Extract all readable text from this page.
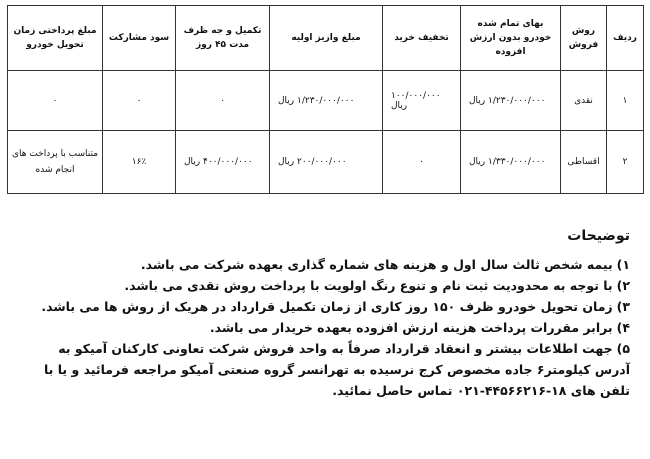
ردیف	روش فروش	بهای تمام شده خودرو بدون ارزش افزوده	تخفیف خرید	مبلغ واریز اولیه	تکمیل و جه ظرف مدت ۴۵ روز	سود مشارکت	مبلغ پرداختی زمان تحویل خودرو
۱	نقدی	۱/۲۳۰/۰۰۰/۰۰۰ ریال	۱۰۰/۰۰۰/۰۰۰ ریال	۱/۲۳۰/۰۰۰/۰۰۰ ریال	۰	۰	۰
۲	اقساطی	۱/۳۳۰/۰۰۰/۰۰۰ ریال	۰	۲۰۰/۰۰۰/۰۰۰ ریال	۴۰۰/۰۰۰/۰۰۰ ریال	۱۶٪	متناسب با پرداخت های انجام شده
توضیحات
۱)بیمه شخص ثالث سال اول و هزینه های شماره گذاری بعهده شرکت می باشد.
۲)با توجه به محدودیت ثبت نام و تنوع رنگ اولویت با پرداخت روش نقدی می باشد.
۳)زمان تحویل خودرو ظرف ۱۵۰ روز کاری از زمان تکمیل قرارداد در هریک از روش ها می باشد.
۴)برابر مقررات پرداخت هزینه ارزش افزوده بعهده خریدار می باشد.
۵)جهت اطلاعات بیشتر و انعقاد قرارداد صرفاً به واحد فروش شرکت تعاونی کارکنان آمیکو به آدرس کیلومتر۶ جاده مخصوص کرج نرسیده به تهرانسر گروه صنعتی آمیکو مراجعه فرمائید و یا با تلفن های ۱۸-۴۴۵۶۶۲۱۶-۰۲۱ تماس حاصل نمائید.
